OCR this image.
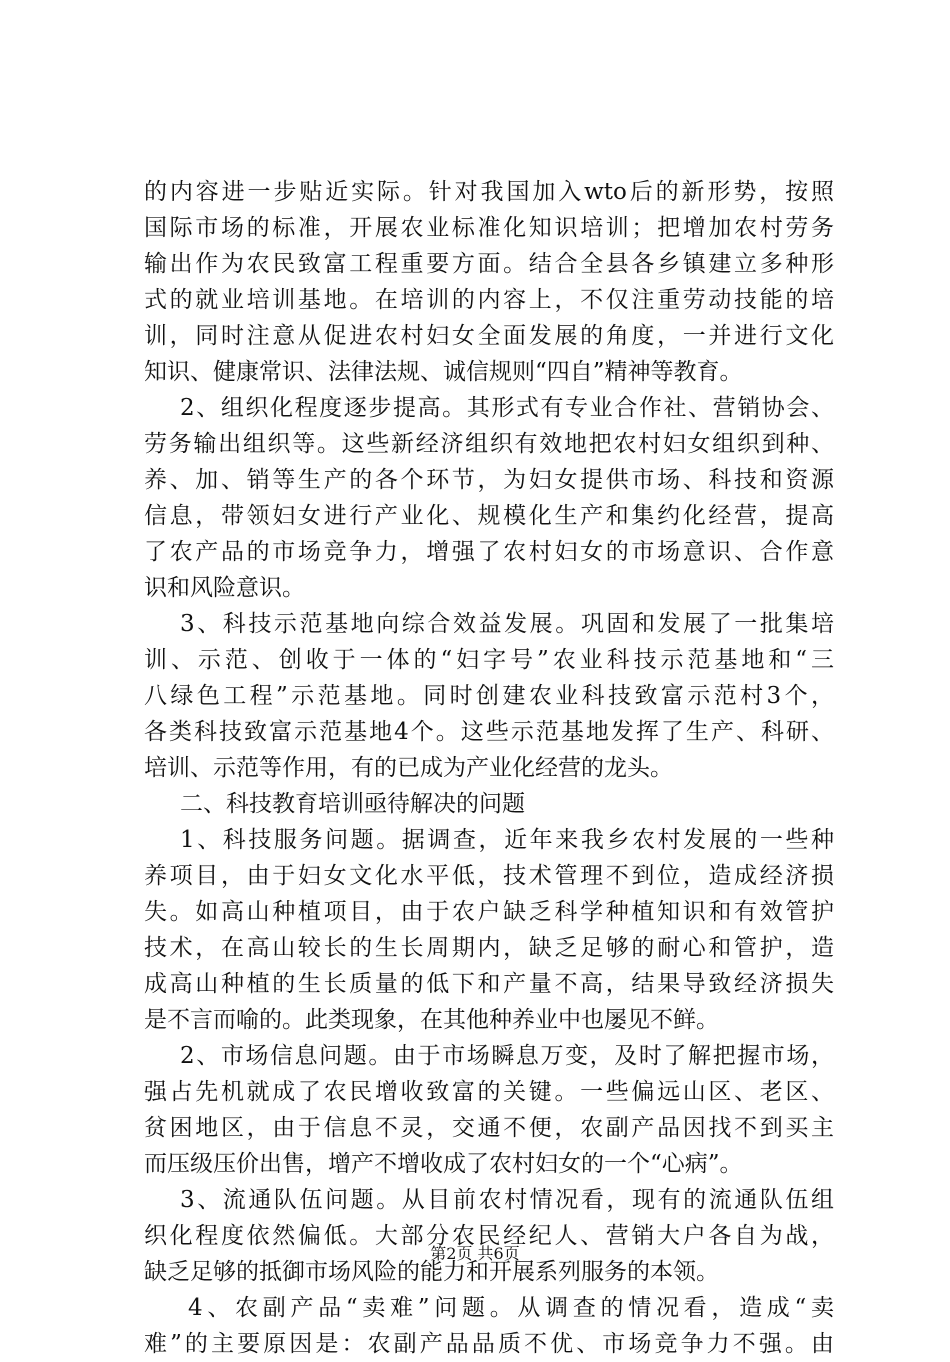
的内容进一步贴近实际。针对我国加入wto后的新形势，按照
国际市场的标准，开展农业标准化知识培训；把增加农村劳务
输出作为农民致富工程重要方面。结合全县各乡镇建立多种形
式的就业培训基地。在培训的内容上，不仅注重劳动技能的培
训，同时注意从促进农村妇女全面发展的角度，一并进行文化
知识、健康常识、法律法规、诚信规则“四自”精神等教育。
2、组织化程度逐步提高。其形式有专业合作社、营销协会、
劳务输出组织等。这些新经济组织有效地把农村妇女组织到种、
养、加、销等生产的各个环节，为妇女提供市场、科技和资源
信息，带领妇女进行产业化、规模化生产和集约化经营，提高
了农产品的市场竞争力，增强了农村妇女的市场意识、合作意
识和风险意识。
3、科技示范基地向综合效益发展。巩固和发展了一批集培
训、示范、创收于一体的“妇字号”农业科技示范基地和“三
八绿色工程”示范基地。同时创建农业科技致富示范村3个，
各类科技致富示范基地4个。这些示范基地发挥了生产、科研、
培训、示范等作用，有的已成为产业化经营的龙头。
二、科技教育培训亟待解决的问题
1、科技服务问题。据调查，近年来我乡农村发展的一些种
养项目，由于妇女文化水平低，技术管理不到位，造成经济损
失。如高山种植项目，由于农户缺乏科学种植知识和有效管护
技术，在高山较长的生长周期内，缺乏足够的耐心和管护，造
成高山种植的生长质量的低下和产量不高，结果导致经济损失
是不言而喻的。此类现象，在其他种养业中也屡见不鲜。
2、市场信息问题。由于市场瞬息万变，及时了解把握市场，
强占先机就成了农民增收致富的关键。一些偏远山区、老区、
贫困地区，由于信息不灵，交通不便，农副产品因找不到买主
而压级压价出售，增产不增收成了农村妇女的一个“心病”。
3、流通队伍问题。从目前农村情况看，现有的流通队伍组
织化程度依然偏低。大部分农民经纪人、营销大户各自为战，
缺乏足够的抵御市场风险的能力和开展系列服务的本领。
4、农副产品“卖难”问题。从调查的情况看，造成“卖
难”的主要原因是：农副产品品质不优、市场竞争力不强。由
第2页 共6页
